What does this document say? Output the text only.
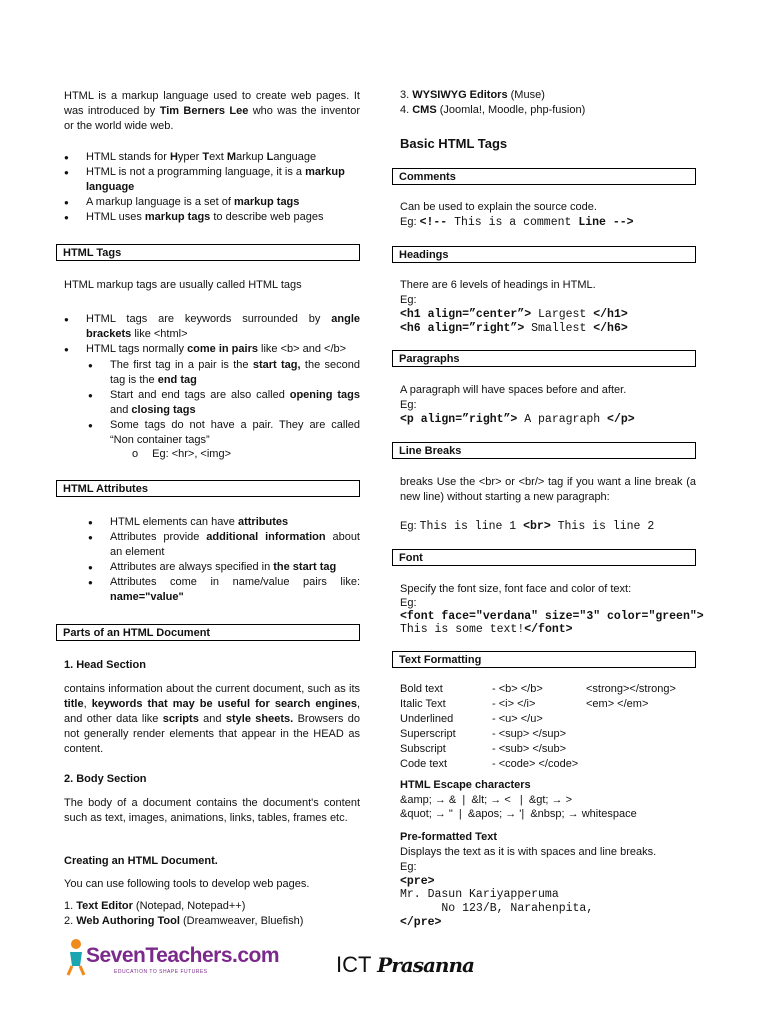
HTML is a markup language used to create web pages. It was introduced by Tim Berners Lee who was the inventor or the world wide web.

● HTML stands for Hyper Text Markup Language
● HTML is not a programming language, it is a markup language
● A markup language is a set of markup tags
● HTML uses markup tags to describe web pages
HTML Tags

HTML markup tags are usually called HTML tags

● HTML tags are keywords surrounded by angle brackets like <html>
● HTML tags normally come in pairs like <b> and </b>
● The first tag in a pair is the start tag, the second tag is the end tag
● Start and end tags are also called opening tags and closing tags
● Some tags do not have a pair. They are called “Non container tags”
o Eg: <hr>, <img>
HTML Attributes
● HTML elements can have attributes
● Attributes provide additional information about an element
● Attributes are always specified in the start tag
● Attributes come in name/value pairs like: name="value"
Parts of an HTML Document

1. Head Section

contains information about the current document, such as its title, keywords that may be useful for search engines, and other data like scripts and style sheets. Browsers do not generally render elements that appear in the HEAD as content.

2. Body Section

The body of a document contains the document's content such as text, images, animations, links, tables, frames etc.

Creating an HTML Document.

You can use following tools to develop web pages.

1. Text Editor (Notepad, Notepad++)

2. Web Authoring Tool (Dreamweaver, Bluefish)

3. WYSIWYG Editors (Muse)

4. CMS (Joomla!, Moodle, php-fusion)

Basic HTML Tags

Comments

Can be used to explain the source code.

Eg: <!-- This is a comment Line -->

Headings

There are 6 levels of headings in HTML.

Eg:

<h1 align=”center”> Largest </h1>

<h6 align=”right”> Smallest </h6>

Paragraphs

A paragraph will have spaces before and after.

Eg:

<p align=”right”> A paragraph </p>

Line Breaks

breaks Use the <br> or <br/> tag if you want a line break (a new line) without starting a new paragraph:

Eg: This is line 1 <br> This is line 2

Font

Specify the font size, font face and color of text:

Eg:

<font face="verdana" size="3" color="green">

This is some text!</font>

Text Formatting
Bold text	- <b> </b>	<strong></strong>
Italic Text	- <i> </i>	<em> </em>
Underlined	- <u> </u>
Superscript	- <sup> </sup>
Subscript	- <sub> </sub>
Code text	- <code> </code>

HTML Escape characters

&amp; → &  |  &lt; → <   |  &gt; → >

&quot; → "  |  &apos; → '|  &nbsp; → whitespace

Pre-formatted Text

Displays the text as it is with spaces and line breaks.

Eg:

<pre>

Mr. Dasun Kariyapperuma

No 123/B, Narahenpita,

</pre>

SevenTeachers.com
EDUCATION TO SHAPE FUTURES	ICT Prasanna
